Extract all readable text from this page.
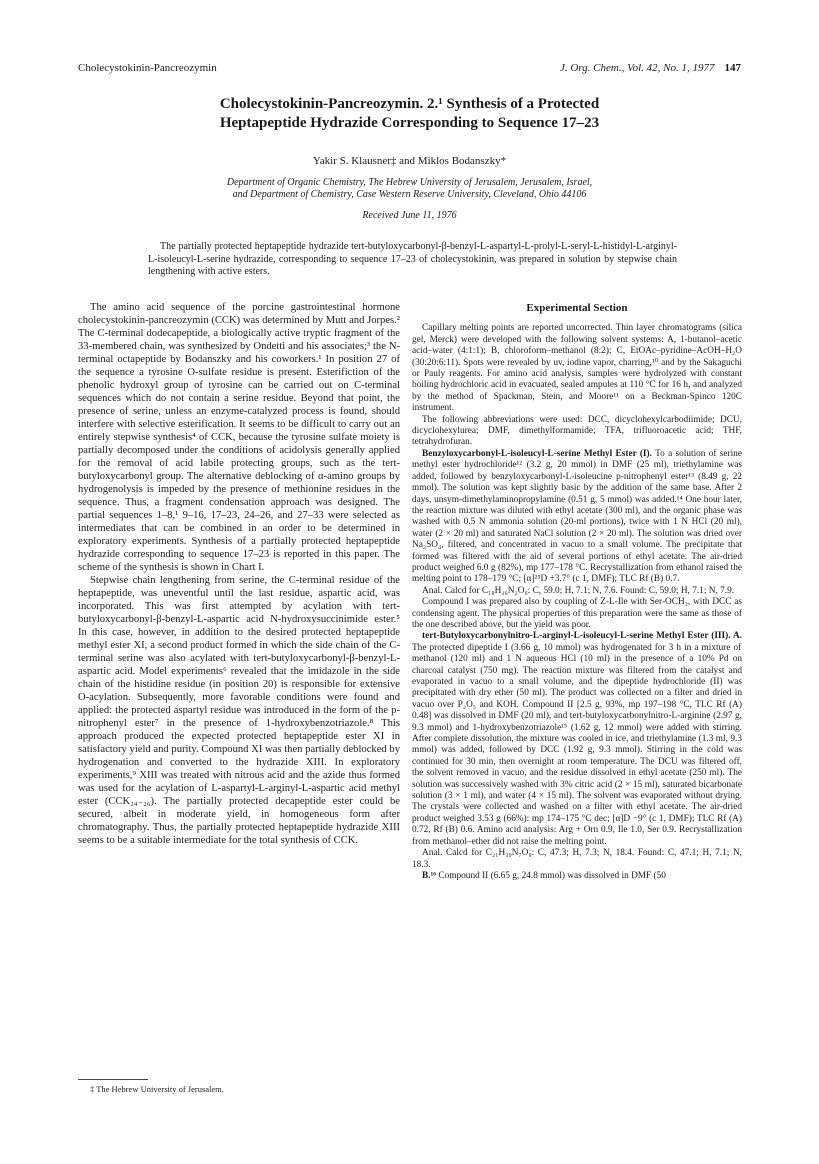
Cholecystokinin-Pancreozymin	J. Org. Chem., Vol. 42, No. 1, 1977 147
Cholecystokinin-Pancreozymin. 2.¹ Synthesis of a Protected
Heptapeptide Hydrazide Corresponding to Sequence 17–23
Yakir S. Klausner‡ and Miklos Bodanszky*
Department of Organic Chemistry, The Hebrew University of Jerusalem, Jerusalem, Israel,
and Department of Chemistry, Case Western Reserve University, Cleveland, Ohio 44106
Received June 11, 1976
The partially protected heptapeptide hydrazide tert-butyloxycarbonyl-β-benzyl-L-aspartyl-L-prolyl-L-seryl-L-histidyl-L-arginyl-L-isoleucyl-L-serine hydrazide, corresponding to sequence 17–23 of cholecystokinin, was prepared in solution by stepwise chain lengthening with active esters.

The amino acid sequence of the porcine gastrointestinal hormone cholecystokinin-pancreozymin (CCK) was determined by Mutt and Jorpes.² The C-terminal dodecapeptide, a biologically active tryptic fragment of the 33-membered chain, was synthesized by Ondetti and his associates;³ the N-terminal octapeptide by Bodanszky and his coworkers.¹ In position 27 of the sequence a tyrosine O-sulfate residue is present. Esterifiction of the phenolic hydroxyl group of tyrosine can be carried out on C-terminal sequences which do not contain a serine residue. Beyond that point, the presence of serine, unless an enzyme-catalyzed process is found, should interfere with selective esterification. It seems to be difficult to carry out an entirely stepwise synthesis⁴ of CCK, because the tyrosine sulfate moiety is partially decomposed under the conditions of acidolysis generally applied for the removal of acid labile protecting groups, such as the tert-butyloxycarbonyl group. The alternative deblocking of α-amino groups by hydrogenolysis is impeded by the presence of methionine residues in the sequence. Thus, a fragment condensation approach was designed. The partial sequences 1–8,¹ 9–16, 17–23, 24–26, and 27–33 were selected as intermediates that can be combined in an order to be determined in exploratory experiments. Synthesis of a partially protected heptapeptide hydrazide corresponding to sequence 17–23 is reported in this paper. The scheme of the synthesis is shown in Chart I.

Stepwise chain lengthening from serine, the C-terminal residue of the heptapeptide, was uneventful until the last residue, aspartic acid, was incorporated. This was first attempted by acylation with tert-butyloxycarbonyl-β-benzyl-L-aspartic acid N-hydroxysuccinimide ester.⁵ In this case, however, in addition to the desired protected heptapeptide methyl ester XI, a second product formed in which the side chain of the C-terminal serine was also acylated with tert-butyloxycarbonyl-β-benzyl-L-aspartic acid. Model experiments⁶ revealed that the imidazole in the side chain of the histidine residue (in position 20) is responsible for extensive O-acylation. Subsequently, more favorable conditions were found and applied: the protected aspartyl residue was introduced in the form of the p-nitrophenyl ester⁷ in the presence of 1-hydroxybenzotriazole.⁸ This approach produced the expected protected heptapeptide ester XI in satisfactory yield and purity. Compound XI was then partially deblocked by hydrogenation and converted to the hydrazide XIII. In exploratory experiments,⁹ XIII was treated with nitrous acid and the azide thus formed was used for the acylation of L-aspartyl-L-arginyl-L-aspartic acid methyl ester (CCK₂₄₋₂₆). The partially protected decapeptide ester could be secured, albeit in moderate yield, in homogeneous form after chromatography. Thus, the partially protected heptapeptide hydrazide XIII seems to be a suitable intermediate for the total synthesis of CCK.

Experimental Section

Capillary melting points are reported uncorrected. Thin layer chromatograms (silica gel, Merck) were developed with the following solvent systems: A, 1-butanol–acetic acid–water (4:1:1); B, chloroform–methanol (8:2); C, EtOAc–pyridine–AcOH–H₂O (30:20:6:11). Spots were revealed by uv, iodine vapor, charring,¹⁰ and by the Sakaguchi or Pauly reagents. For amino acid analysis, samples were hydrolyzed with constant boiling hydrochloric acid in evacuated, sealed ampules at 110 °C for 16 h, and analyzed by the method of Spackman, Stein, and Moore¹¹ on a Beckman-Spinco 120C instrument.

The following abbreviations were used: DCC, dicyclohexylcarbodiimide; DCU, dicyclohexylurea; DMF, dimethylformamide; TFA, trifluoroacetic acid; THF, tetrahydrofuran.

Benzyloxycarbonyl-L-isoleucyl-L-serine Methyl Ester (I). To a solution of serine methyl ester hydrochloride¹² (3.2 g, 20 mmol) in DMF (25 ml), triethylamine was added, followed by benzyloxycarbonyl-L-isoleucine p-nitrophenyl ester¹³ (8.49 g, 22 mmol). The solution was kept slightly basic by the addition of the same base. After 2 days, unsym-dimethylaminopropylamine (0.51 g, 5 mmol) was added.¹⁴ One hour later, the reaction mixture was diluted with ethyl acetate (300 ml), and the organic phase was washed with 0.5 N ammonia solution (20-ml portions), twice with 1 N HCl (20 ml), water (2 × 20 ml) and saturated NaCl solution (2 × 20 ml). The solution was dried over Na₂SO₄, filtered, and concentrated in vacuo to a small volume. The precipitate that formed was filtered with the aid of several portions of ethyl acetate. The air-dried product weighed 6.0 g (82%), mp 177–178 °C. Recrystallization from ethanol raised the melting point to 178–179 °C; [α]²⁵D +3.7° (c 1, DMF); TLC Rf (B) 0.7.

Anal. Calcd for C₁₈H₂₆N₂O₆: C, 59.0; H, 7.1; N, 7.6. Found: C, 59.0; H, 7.1; N, 7.9.

Compound I was prepared also by coupling of Z-L-Ile with Ser-OCH₃, with DCC as condensing agent. The physical properties of this preparation were the same as those of the one described above, but the yield was poor.

tert-Butyloxycarbonylnitro-L-arginyl-L-isoleucyl-L-serine Methyl Ester (III). A. The protected dipeptide I (3.66 g, 10 mmol) was hydrogenated for 3 h in a mixture of methanol (120 ml) and 1 N aqueous HCl (10 ml) in the presence of a 10% Pd on charcoal catalyst (750 mg). The reaction mixture was filtered from the catalyst and evaporated in vacuo to a small volume, and the dipeptide hydrochloride (II) was precipitated with dry ether (50 ml). The product was collected on a filter and dried in vacuo over P₂O₅ and KOH. Compound II [2.5 g, 93%, mp 197–198 °C, TLC Rf (A) 0.48] was dissolved in DMF (20 ml), and tert-butyloxycarbonylnitro-L-arginine (2.97 g, 9.3 mmol) and 1-hydroxybenzotriazole¹⁵ (1.62 g, 12 mmol) were added with stirring. After complete dissolution, the mixture was cooled in ice, and triethylamine (1.3 ml, 9.3 mmol) was added, followed by DCC (1.92 g, 9.3 mmol). Stirring in the cold was continued for 30 min, then overnight at room temperature. The DCU was filtered off, the solvent removed in vacuo, and the residue dissolved in ethyl acetate (250 ml). The solution was successively washed with 3% citric acid (2 × 15 ml), saturated bicarbonate solution (3 × 1 ml), and water (4 × 15 ml). The solvent was evaporated without drying. The crystals were collected and washed on a filter with ethyl acetate. The air-dried product weighed 3.53 g (66%): mp 174–175 °C dec; [α]D −9° (c 1, DMF); TLC Rf (A) 0.72, Rf (B) 0.6. Amino acid analysis: Arg + Orn 0.9, Ile 1.0, Ser 0.9. Recrystallization from methanol–ether did not raise the melting point.

Anal. Calcd for C₂₁H₃₉N₇O₉: C, 47.3; H, 7.3; N, 18.4. Found: C, 47.1; H, 7.1; N, 18.3.

B.¹⁶ Compound II (6.65 g, 24.8 mmol) was dissolved in DMF (50

‡ The Hebrew University of Jerusalem.
